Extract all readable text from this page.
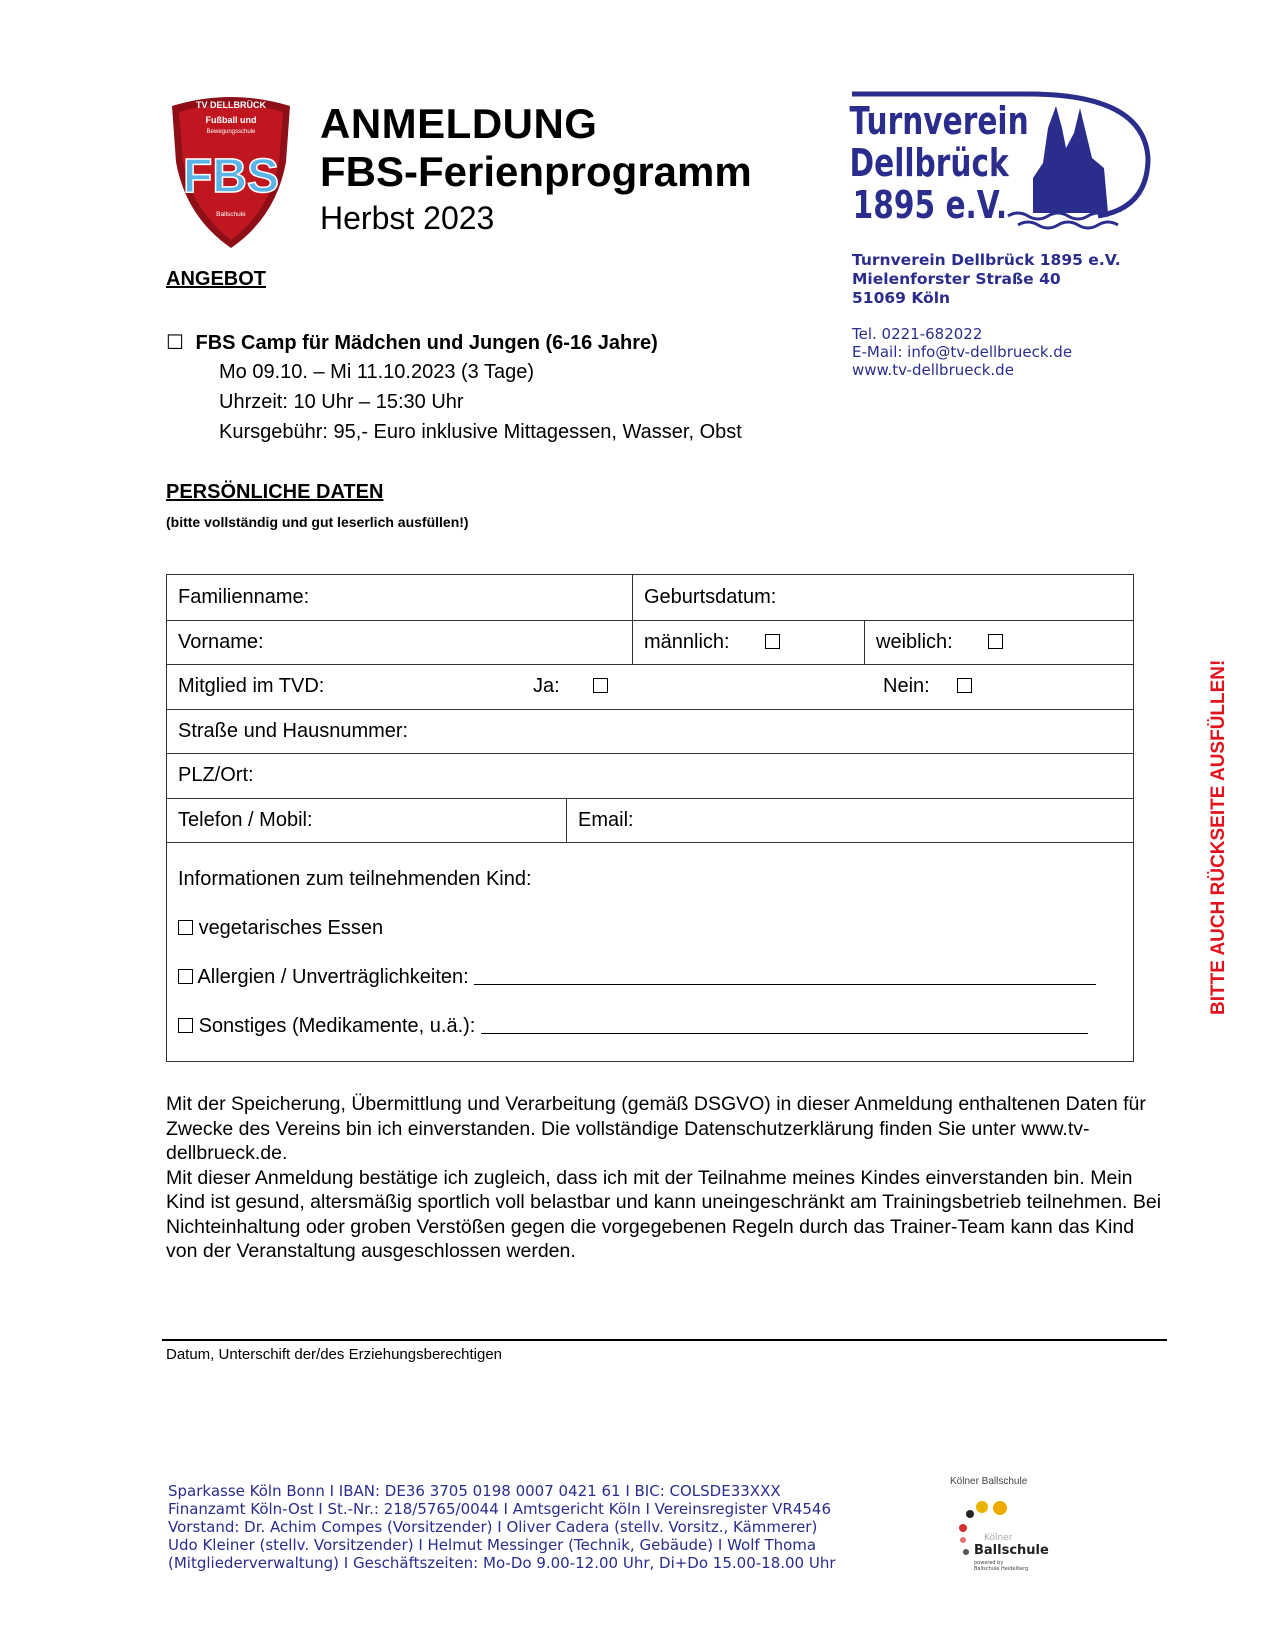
TV DELLBRÜCK
Fußball und
Bewegungsschule
FBS
Ballschule
ANMELDUNG
FBS-Ferienprogramm
Herbst 2023
Turnverein
Dellbrück
1895 e.V.
Turnverein Dellbrück 1895 e.V.
Mielenforster Straße 40
51069 Köln
Tel. 0221-682022
E-Mail: info@tv-dellbrueck.de
www.tv-dellbrueck.de
ANGEBOT
☐ FBS Camp für Mädchen und Jungen (6-16 Jahre)
Mo 09.10. – Mi 11.10.2023 (3 Tage)
Uhrzeit: 10 Uhr – 15:30 Uhr
Kursgebühr: 95,- Euro inklusive Mittagessen, Wasser, Obst
PERSÖNLICHE DATEN
(bitte vollständig und gut leserlich ausfüllen!)
Familienname:	Geburtsdatum:
Vorname:	männlich:	weiblich:
Mitglied im TVD:	Ja:	Nein:
Straße und Hausnummer:
PLZ/Ort:
Telefon / Mobil:	Email:
Informationen zum teilnehmenden Kind:
vegetarisches Essen
Allergien / Unverträglichkeiten:
Sonstiges (Medikamente, u.ä.):
Mit der Speicherung, Übermittlung und Verarbeitung (gemäß DSGVO) in dieser Anmeldung enthaltenen Daten für Zwecke des Vereins bin ich einverstanden. Die vollständige Datenschutzerklärung finden Sie unter www.tv-dellbrueck.de.
Mit dieser Anmeldung bestätige ich zugleich, dass ich mit der Teilnahme meines Kindes einverstanden bin. Mein Kind ist gesund, altersmäßig sportlich voll belastbar und kann uneingeschränkt am Trainingsbetrieb teilnehmen. Bei Nichteinhaltung oder groben Verstößen gegen die vorgegebenen Regeln durch das Trainer-Team kann das Kind von der Veranstaltung ausgeschlossen werden.
Datum, Unterschift der/des Erziehungsberechtigen
BITTE AUCH RÜCKSEITE AUSFÜLLEN!
Sparkasse Köln Bonn I IBAN: DE36 3705 0198 0007 0421 61 I BIC: COLSDE33XXX
Finanzamt Köln-Ost I St.-Nr.: 218/5765/0044 I Amtsgericht Köln I Vereinsregister VR4546
Vorstand: Dr. Achim Compes (Vorsitzender) I Oliver Cadera (stellv. Vorsitz., Kämmerer)
Udo Kleiner (stellv. Vorsitzender) I Helmut Messinger (Technik, Gebäude) I Wolf Thoma
(Mitgliederverwaltung) I Geschäftszeiten: Mo-Do 9.00-12.00 Uhr, Di+Do 15.00-18.00 Uhr
Kölner Ballschule
Kölner
Ballschule
powered by
Ballschule Heidelberg
